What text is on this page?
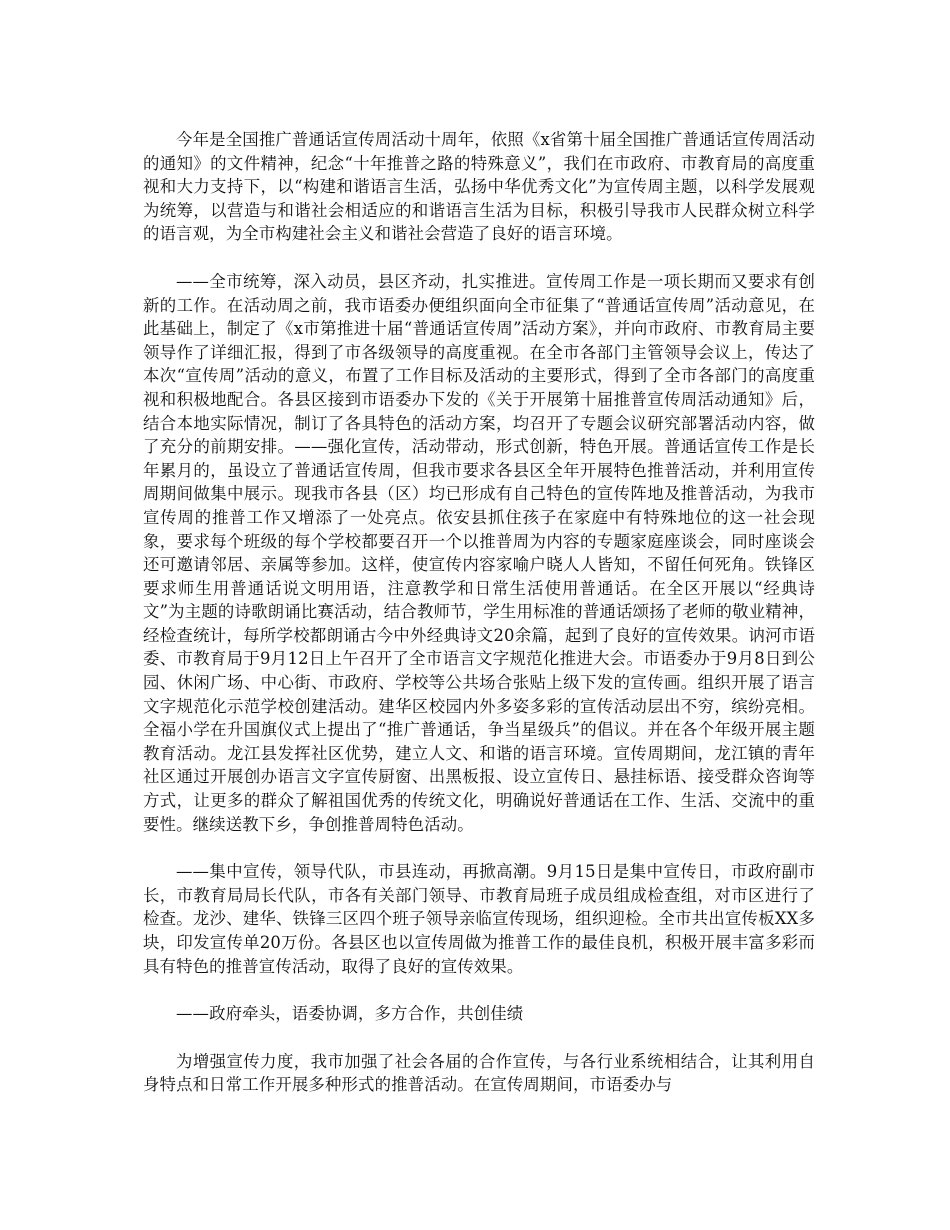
今年是全国推广普通话宣传周活动十周年，依照《x省第十届全国推广普通话宣传周活动的通知》的文件精神，纪念“十年推普之路的特殊意义”，我们在市政府、市教育局的高度重视和大力支持下，以“构建和谐语言生活，弘扬中华优秀文化”为宣传周主题，以科学发展观为统筹，以营造与和谐社会相适应的和谐语言生活为目标，积极引导我市人民群众树立科学的语言观，为全市构建社会主义和谐社会营造了良好的语言环境。

——全市统筹，深入动员，县区齐动，扎实推进。宣传周工作是一项长期而又要求有创新的工作。在活动周之前，我市语委办便组织面向全市征集了“普通话宣传周”活动意见，在此基础上，制定了《x市第推进十届“普通话宣传周”活动方案》，并向市政府、市教育局主要领导作了详细汇报，得到了市各级领导的高度重视。在全市各部门主管领导会议上，传达了本次“宣传周”活动的意义，布置了工作目标及活动的主要形式，得到了全市各部门的高度重视和积极地配合。各县区接到市语委办下发的《关于开展第十届推普宣传周活动通知》后，结合本地实际情况，制订了各具特色的活动方案，均召开了专题会议研究部署活动内容，做了充分的前期安排。——强化宣传，活动带动，形式创新，特色开展。普通话宣传工作是长年累月的，虽设立了普通话宣传周，但我市要求各县区全年开展特色推普活动，并利用宣传周期间做集中展示。现我市各县（区）均已形成有自己特色的宣传阵地及推普活动，为我市宣传周的推普工作又增添了一处亮点。依安县抓住孩子在家庭中有特殊地位的这一社会现象，要求每个班级的每个学校都要召开一个以推普周为内容的专题家庭座谈会，同时座谈会还可邀请邻居、亲属等参加。这样，使宣传内容家喻户晓人人皆知，不留任何死角。铁锋区要求师生用普通话说文明用语，注意教学和日常生活使用普通话。在全区开展以“经典诗文”为主题的诗歌朗诵比赛活动，结合教师节，学生用标准的普通话颂扬了老师的敬业精神，经检查统计，每所学校都朗诵古今中外经典诗文20余篇，起到了良好的宣传效果。讷河市语委、市教育局于9月12日上午召开了全市语言文字规范化推进大会。市语委办于9月8日到公园、休闲广场、中心街、市政府、学校等公共场合张贴上级下发的宣传画。组织开展了语言文字规范化示范学校创建活动。建华区校园内外多姿多彩的宣传活动层出不穷，缤纷亮相。全福小学在升国旗仪式上提出了“推广普通话，争当星级兵”的倡议。并在各个年级开展主题教育活动。龙江县发挥社区优势，建立人文、和谐的语言环境。宣传周期间，龙江镇的青年社区通过开展创办语言文字宣传厨窗、出黑板报、设立宣传日、悬挂标语、接受群众咨询等方式，让更多的群众了解祖国优秀的传统文化，明确说好普通话在工作、生活、交流中的重要性。继续送教下乡，争创推普周特色活动。

——集中宣传，领导代队，市县连动，再掀高潮。9月15日是集中宣传日，市政府副市长，市教育局局长代队，市各有关部门领导、市教育局班子成员组成检查组，对市区进行了检查。龙沙、建华、铁锋三区四个班子领导亲临宣传现场，组织迎检。全市共出宣传板XX多块，印发宣传单20万份。各县区也以宣传周做为推普工作的最佳良机，积极开展丰富多彩而具有特色的推普宣传活动，取得了良好的宣传效果。

——政府牵头，语委协调，多方合作，共创佳绩

为增强宣传力度，我市加强了社会各届的合作宣传，与各行业系统相结合，让其利用自身特点和日常工作开展多种形式的推普活动。在宣传周期间，市语委办与
